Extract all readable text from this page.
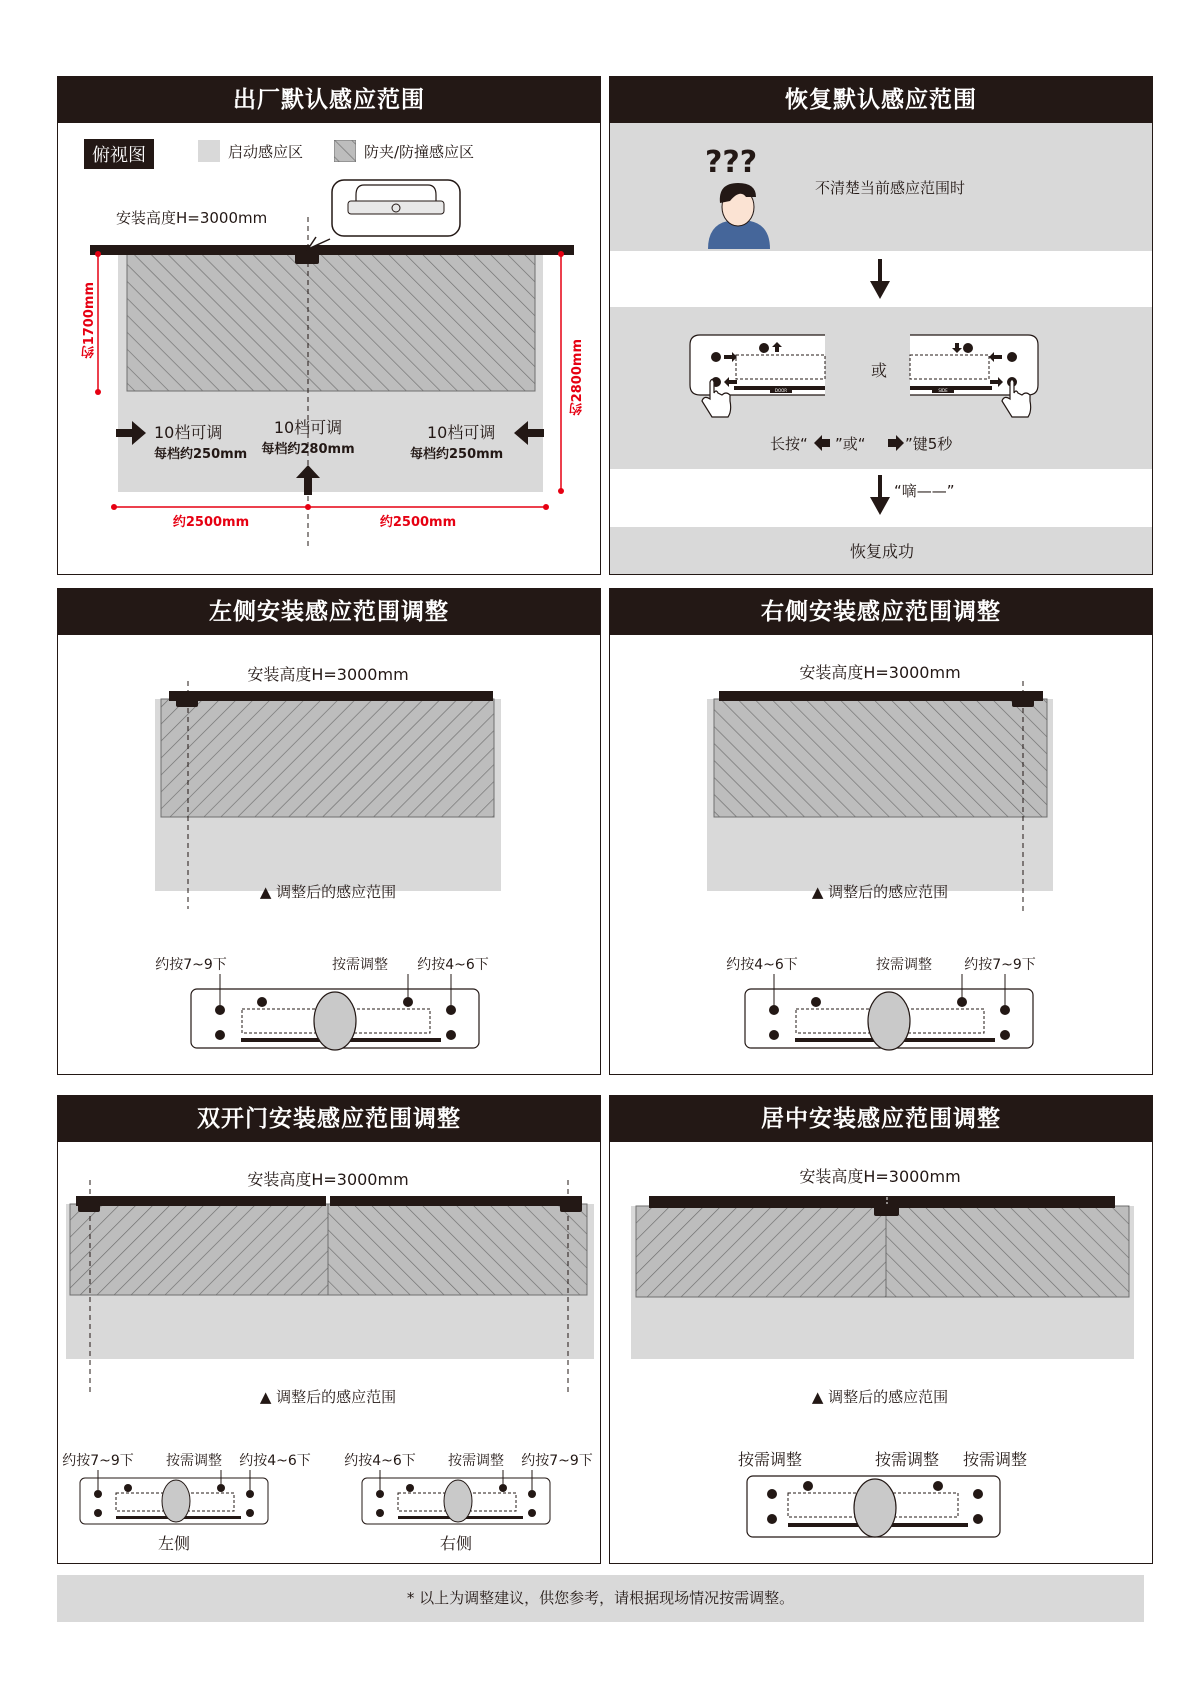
出厂默认感应范围
俯视图	启动感应区	防夹/防撞感应区
安装高度H=3000mm
约1700mm
约2800mm
10档可调
每档约250mm
10档可调
每档约280mm
10档可调
每档约250mm
约2500mm	约2500mm
恢复默认感应范围
???
DOOR	SIDE
不清楚当前感应范围时
或
长按“ ”或“	”键5秒
“嘀——”
恢复成功
左侧安装感应范围调整
安装高度H=3000mm
▲ 调整后的感应范围
约按7~9下	按需调整 约按4~6下
右侧安装感应范围调整
安装高度H=3000mm
▲ 调整后的感应范围
约按4~6下	按需调整 约按7~9下
双开门安装感应范围调整
安装高度H=3000mm
▲ 调整后的感应范围
约按7~9下 按需调整 约按4~6下 约按4~6下 按需调整 约按7~9下
左侧	右侧
居中安装感应范围调整
安装高度H=3000mm
▲ 调整后的感应范围
按需调整	按需调整 按需调整
* 以上为调整建议，供您参考，请根据现场情况按需调整。
